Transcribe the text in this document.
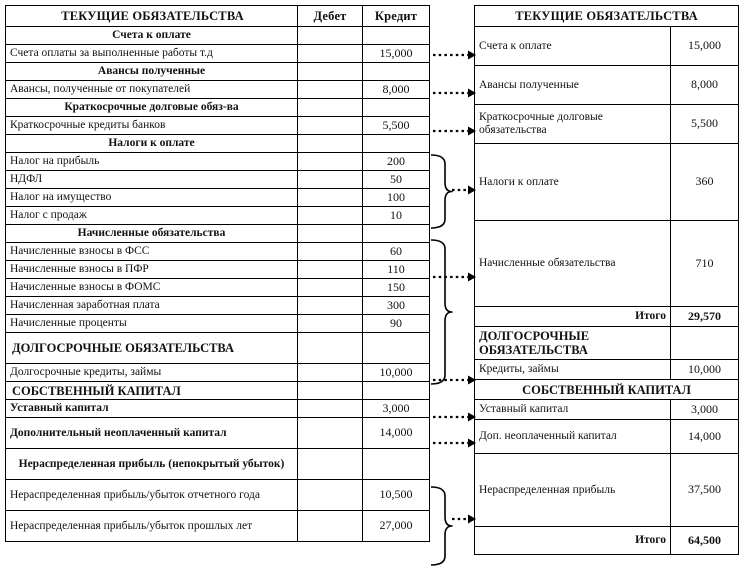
ТЕКУЩИЕ ОБЯЗАТЕЛЬСТВА	Дебет	Кредит
Счета к оплате		
Счета оплаты за выполненные работы т.д		15,000
Авансы полученные		
Авансы, полученные от покупателей		8,000
Краткосрочные долговые обяз-ва		
Краткосрочные кредиты банков		5,500
Налоги к оплате		
Налог на прибыль		200
НДФЛ		50
Налог на имущество		100
Налог с продаж		10
Начисленные обязательства		
Начисленные взносы в ФСС		60
Начисленные взносы в ПФР		110
Начисленные взносы в ФОМС		150
Начисленная заработная плата		300
Начисленные проценты		90
ДОЛГОСРОЧНЫЕ ОБЯЗАТЕЛЬСТВА		
Долгосрочные кредиты, займы		10,000
СОБСТВЕННЫЙ КАПИТАЛ		
Уставный капитал		3,000
Дополнительный неоплаченный капитал		14,000
Нераспределенная прибыль (непокрытый убыток)		
Нераспределенная прибыль/убыток отчетного года		10,500
Нераспределенная прибыль/убыток прошлых лет		27,000
ТЕКУЩИЕ ОБЯЗАТЕЛЬСТВА	
Счета к оплате	15,000
Авансы полученные	8,000
Краткосрочные долговые обязательства	5,500
Налоги к оплате	360
Начисленные обязательства	710
Итого	29,570
ДОЛГОСРОЧНЫЕ ОБЯЗАТЕЛЬСТВА	
Кредиты, займы	10,000
СОБСТВЕННЫЙ КАПИТАЛ	
Уставный капитал	3,000
Доп. неоплаченный капитал	14,000
Нераспределенная прибыль	37,500
Итого	64,500
